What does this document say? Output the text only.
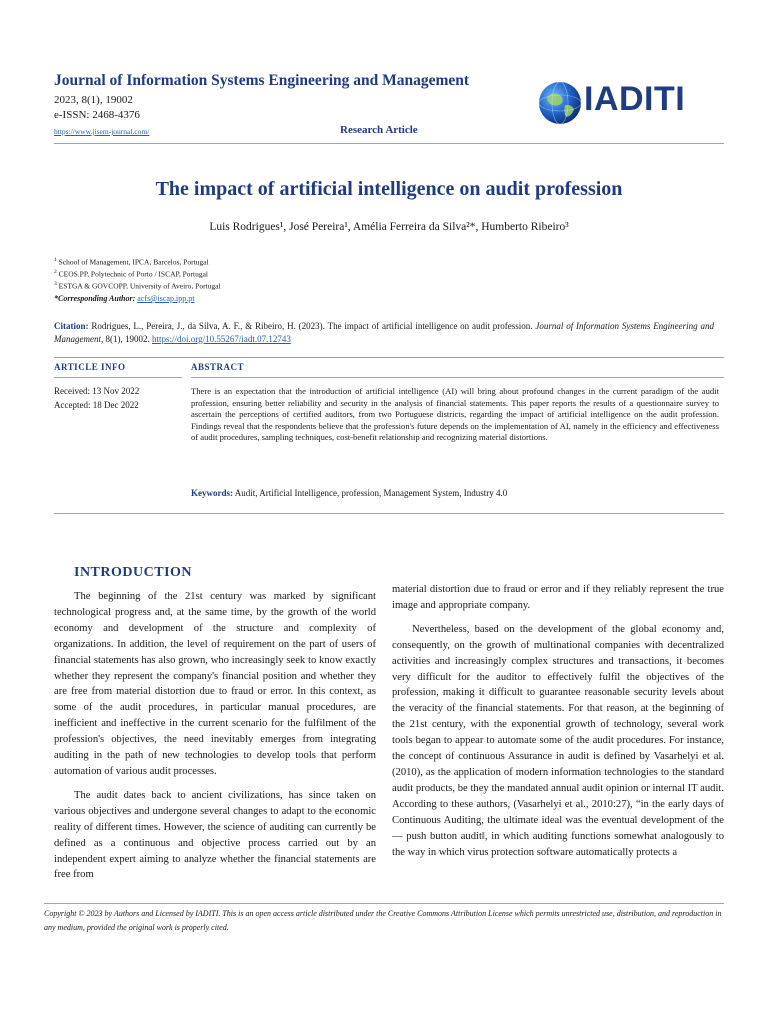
Journal of Information Systems Engineering and Management
2023, 8(1), 19002
e-ISSN: 2468-4376
https://www.jisem-journal.com/	Research Article
IADITI
The impact of artificial intelligence on audit profession
Luis Rodrigues¹, José Pereira¹, Amélia Ferreira da Silva²*, Humberto Ribeiro³
$^1$ School of Management, IPCA, Barcelos, Portugal
$^2$ CEOS.PP, Polytechnic of Porto / ISCAP, Portugal
$^3$ ESTGA & GOVCOPP, University of Aveiro, Portugal
*Corresponding Author: acfs@iscap.ipp.pt
Citation: Rodrigues, L., Pereira, J., da Silva, A. F., & Ribeiro, H. (2023). The impact of artificial intelligence on audit profession. Journal of Information Systems Engineering and Management, 8(1), 19002. https://doi.org/10.55267/iadt.07.12743
ARTICLE INFO	ABSTRACT
Received: 13 Nov 2022
Accepted: 18 Dec 2022
There is an expectation that the introduction of artificial intelligence (AI) will bring about profound changes in the current paradigm of the audit profession, ensuring better reliability and security in the analysis of financial statements. This paper reports the results of a questionnaire survey to ascertain the perceptions of certified auditors, from two Portuguese districts, regarding the impact of artificial intelligence on the audit profession. Findings reveal that the respondents believe that the profession's future depends on the implementation of AI, namely in the efficiency and effectiveness of audit procedures, sampling techniques, cost-benefit relationship and recognizing material distortions.
Keywords: Audit, Artificial Intelligence, profession, Management System, Industry 4.0
INTRODUCTION

The beginning of the 21st century was marked by significant technological progress and, at the same time, by the growth of the world economy and development of the structure and complexity of organizations. In addition, the level of requirement on the part of users of financial statements has also grown, who increasingly seek to know exactly whether they represent the company's financial position and whether they are free from material distortion due to fraud or error. In this context, as some of the audit procedures, in particular manual procedures, are inefficient and ineffective in the current scenario for the fulfilment of the profession's objectives, the need inevitably emerges from integrating auditing in the path of new technologies to develop tools that perform automation of various audit processes.

The audit dates back to ancient civilizations, has since taken on various objectives and undergone several changes to adapt to the economic reality of different times. However, the science of auditing can currently be defined as a continuous and objective process carried out by an independent expert aiming to analyze whether the financial statements are free from

material distortion due to fraud or error and if they reliably represent the true image and appropriate company.

Nevertheless, based on the development of the global economy and, consequently, on the growth of multinational companies with decentralized activities and increasingly complex structures and transactions, it becomes very difficult for the auditor to effectively fulfil the objectives of the profession, making it difficult to guarantee reasonable security levels about the veracity of the financial statements. For that reason, at the beginning of the 21st century, with the exponential growth of technology, several work tools began to appear to automate some of the audit procedures. For instance, the concept of continuous Assurance in audit is defined by Vasarhelyi et al. (2010), as the application of modern information technologies to the standard audit products, be they the mandated annual audit opinion or internal IT audit. According to these authors, (Vasarhelyi et al., 2010:27), “in the early days of Continuous Auditing, the ultimate ideal was the eventual development of the — push button audit‖, in which auditing functions somewhat analogously to the way in which virus protection software automatically protects a

Copyright © 2023 by Authors and Licensed by IADITI. This is an open access article distributed under the Creative Commons Attribution License which permits unrestricted use, distribution, and reproduction in any medium, provided the original work is properly cited.
